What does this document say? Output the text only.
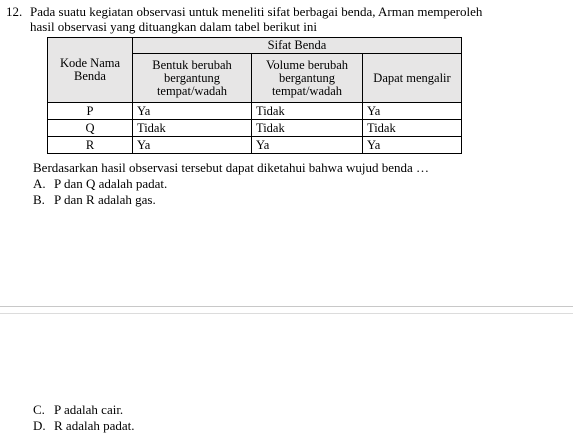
12. Pada suatu kegiatan observasi untuk meneliti sifat berbagai benda, Arman memperoleh
hasil observasi yang dituangkan dalam tabel berikut ini
Kode Nama Benda	Sifat Benda		
	Bentuk berubah bergantung tempat/wadah	Volume berubah bergantung tempat/wadah	Dapat mengalir
P	Ya	Tidak	Ya
Q	Tidak	Tidak	Tidak
R	Ya	Ya	Ya
Berdasarkan hasil observasi tersebut dapat diketahui bahwa wujud benda …
A. P dan Q adalah padat.
B. P dan R adalah gas.
C. P adalah cair.
D. R adalah padat.
